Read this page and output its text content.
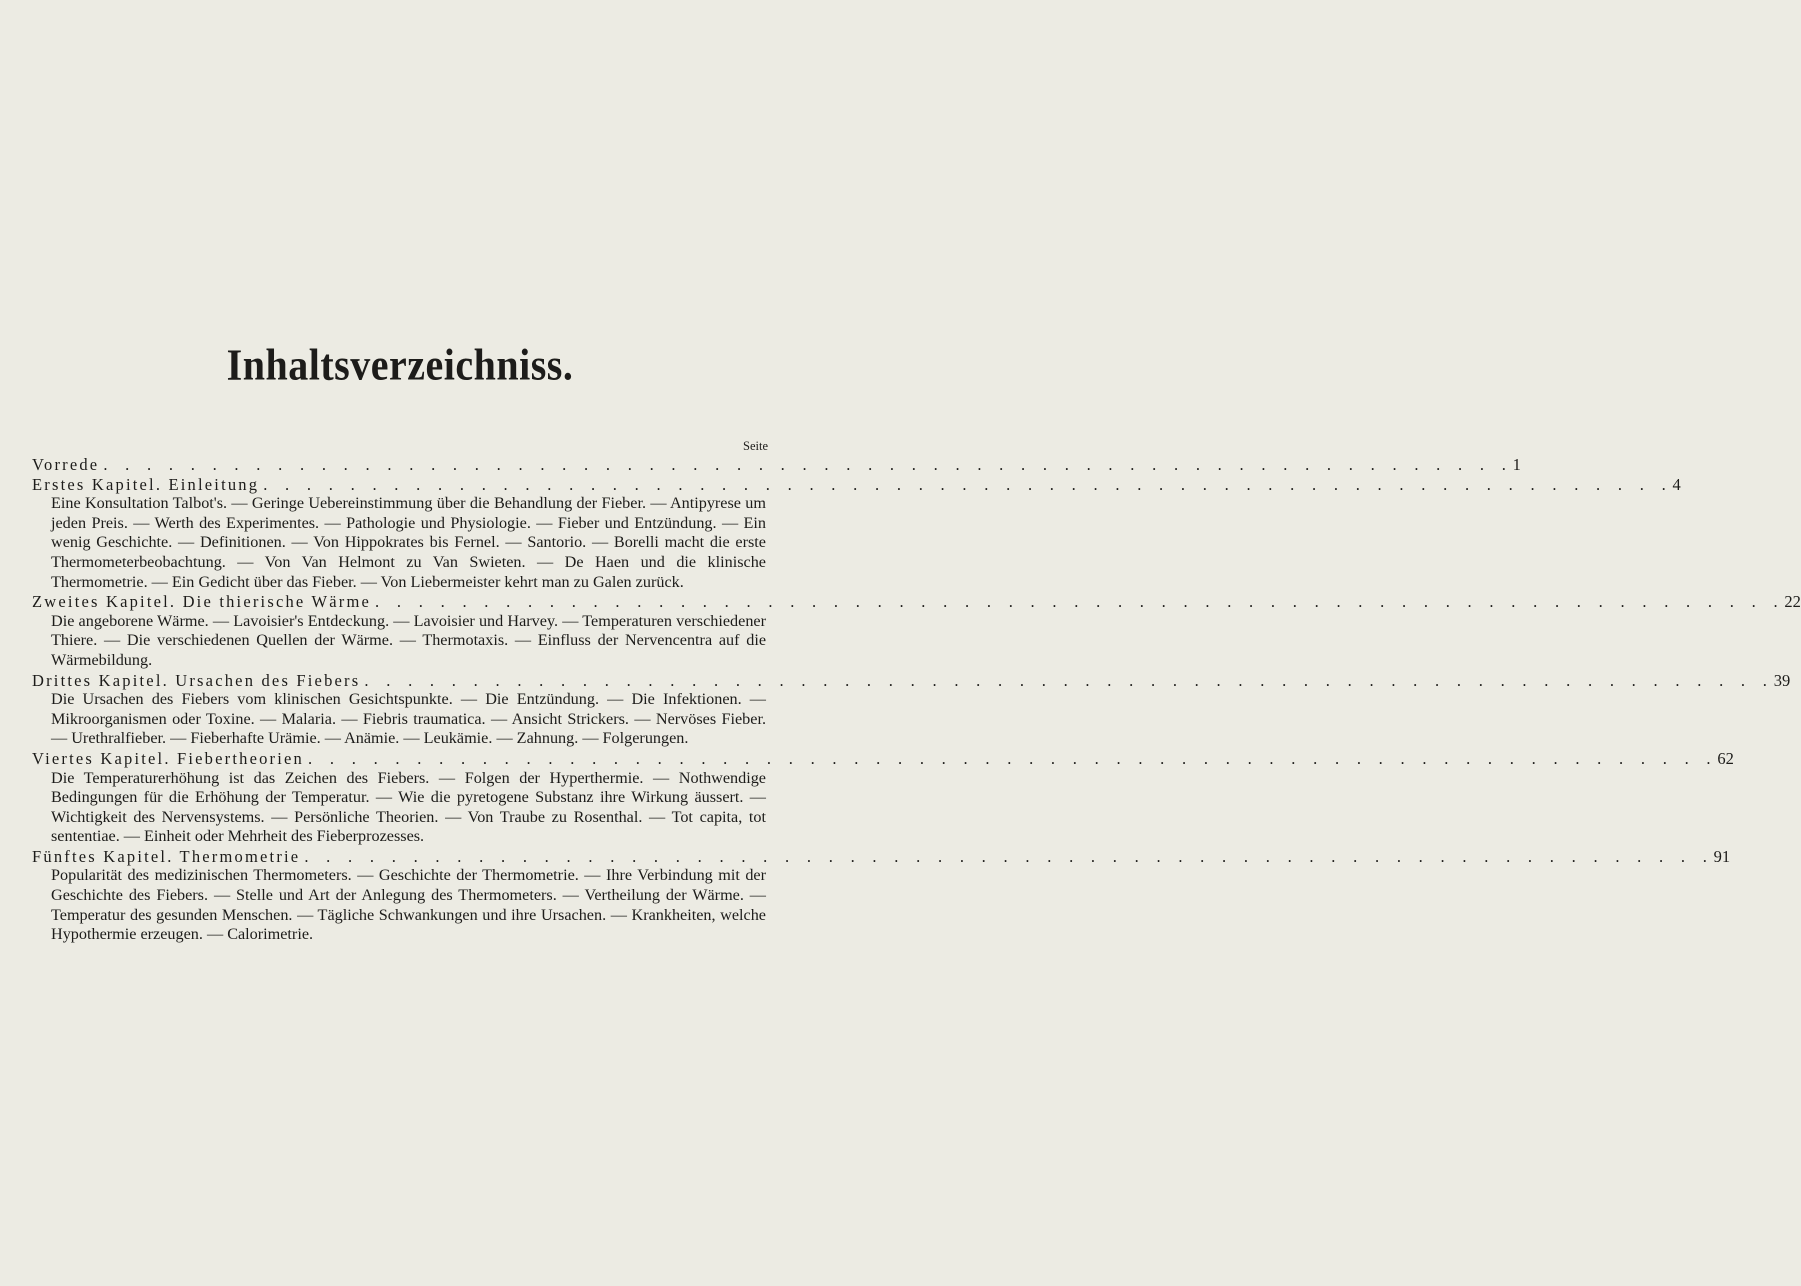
Inhaltsverzeichniss.
Seite
Vorrede . . . . . . . . . . . . . . . . . . . . . . . . . . . . . . . . . . . . . . . . . . . . . . . . . . . . . . . . . . . . . . . . . 1
Erstes Kapitel. Einleitung . . . . . . . . . . . . . . . . . . . . . . . . . . . . . . . . . . . . . . . . . . . . . . . . . . . . . . . . . . . . . . . . . 4
Eine Konsultation Talbot's. — Geringe Uebereinstimmung über die Behandlung der Fieber. — Antipyrese um jeden Preis. — Werth des Experimentes. — Pathologie und Physiologie. — Fieber und Entzündung. — Ein wenig Geschichte. — Definitionen. — Von Hippokrates bis Fernel. — Santorio. — Borelli macht die erste Thermometerbeobachtung. — Von Van Helmont zu Van Swieten. — De Haen und die klinische Thermometrie. — Ein Gedicht über das Fieber. — Von Liebermeister kehrt man zu Galen zurück.
Zweites Kapitel. Die thierische Wärme . . . . . . . . . . . . . . . . . . . . . . . . . . . . . . . . . . . . . . . . . . . . . . . . . . . . . . . . . . . . . . . . . 22
Die angeborene Wärme. — Lavoisier's Entdeckung. — Lavoisier und Harvey. — Temperaturen verschiedener Thiere. — Die verschiedenen Quellen der Wärme. — Thermotaxis. — Einfluss der Nervencentra auf die Wärmebildung.
Drittes Kapitel. Ursachen des Fiebers . . . . . . . . . . . . . . . . . . . . . . . . . . . . . . . . . . . . . . . . . . . . . . . . . . . . . . . . . . . . . . . . . 39
Die Ursachen des Fiebers vom klinischen Gesichtspunkte. — Die Entzündung. — Die Infektionen. — Mikroorganismen oder Toxine. — Malaria. — Fiebris traumatica. — Ansicht Strickers. — Nervöses Fieber. — Urethralfieber. — Fieberhafte Urämie. — Anämie. — Leukämie. — Zahnung. — Folgerungen.
Viertes Kapitel. Fiebertheorien . . . . . . . . . . . . . . . . . . . . . . . . . . . . . . . . . . . . . . . . . . . . . . . . . . . . . . . . . . . . . . . . . 62
Die Temperaturerhöhung ist das Zeichen des Fiebers. — Folgen der Hyperthermie. — Nothwendige Bedingungen für die Erhöhung der Temperatur. — Wie die pyretogene Substanz ihre Wirkung äussert. — Wichtigkeit des Nervensystems. — Persönliche Theorien. — Von Traube zu Rosenthal. — Tot capita, tot sententiae. — Einheit oder Mehrheit des Fieberprozesses.
Fünftes Kapitel. Thermometrie . . . . . . . . . . . . . . . . . . . . . . . . . . . . . . . . . . . . . . . . . . . . . . . . . . . . . . . . . . . . . . . . . 91
Popularität des medizinischen Thermometers. — Geschichte der Thermometrie. — Ihre Verbindung mit der Geschichte des Fiebers. — Stelle und Art der Anlegung des Thermometers. — Vertheilung der Wärme. — Temperatur des gesunden Menschen. — Tägliche Schwankungen und ihre Ursachen. — Krankheiten, welche Hypothermie erzeugen. — Calorimetrie.
